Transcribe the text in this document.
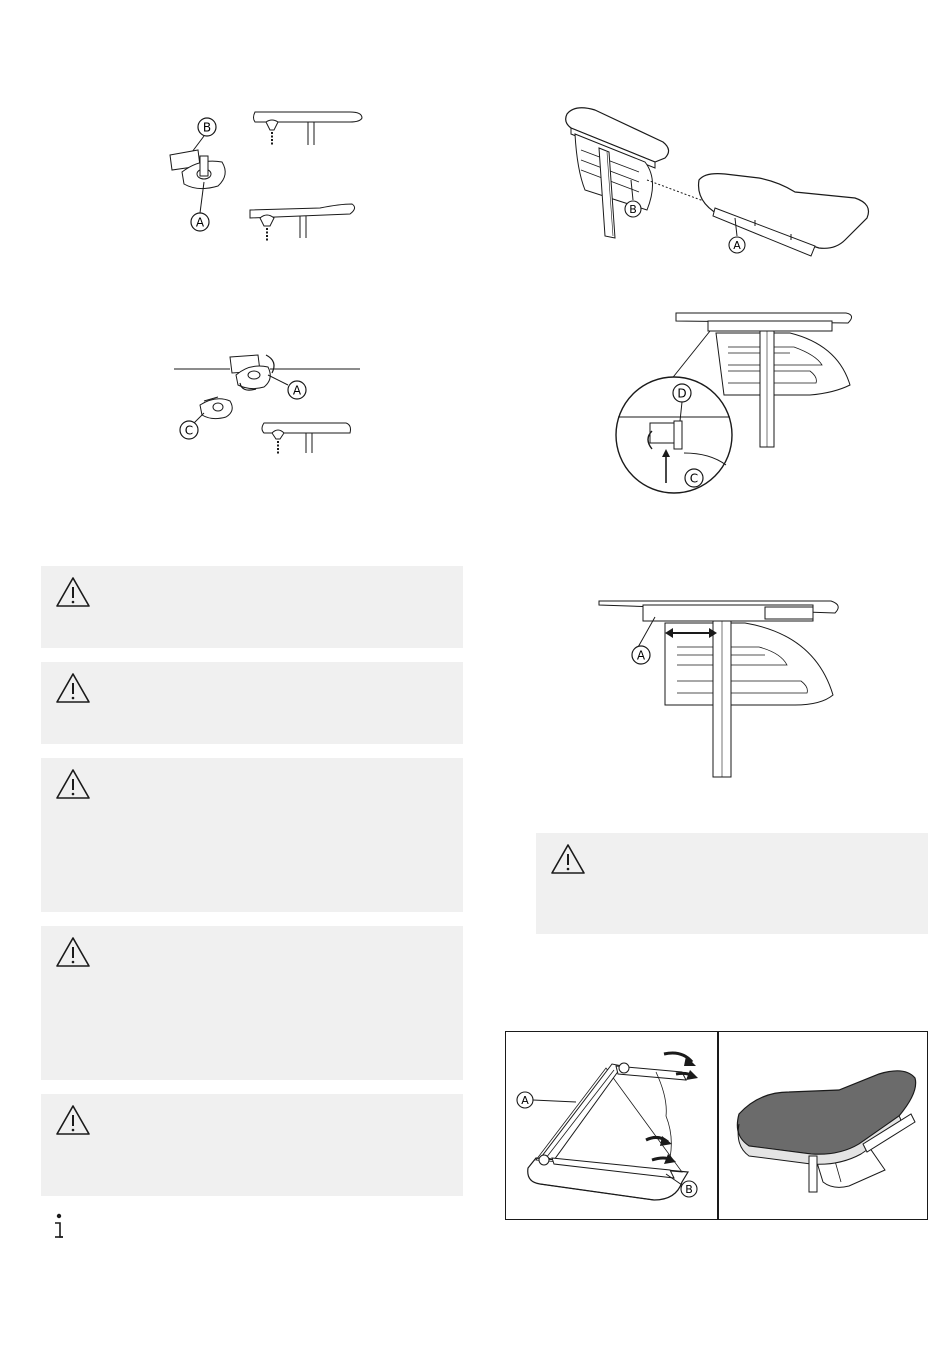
B
A
A
C
B
A
D
C
A
A
B
